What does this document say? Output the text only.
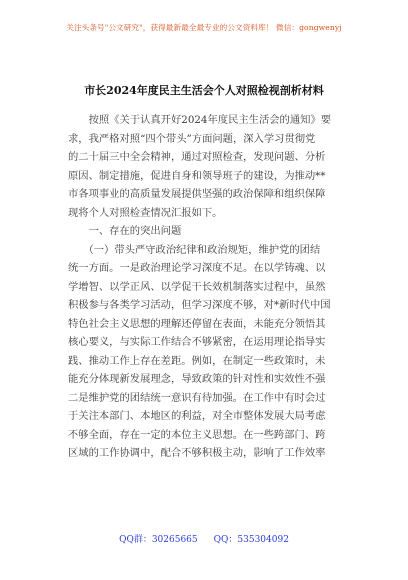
关注头条号"公文研究"，获得最新最全最专业的公文资料库！ 微信：gongwenyj
市长2024年度民主生活会个人对照检视剖析材料
　　按照《关于认真开好2024年度民主生活会的通知》要
求，我严格对照“四个带头”方面问题，深入学习贯彻党
的二十届三中全会精神，通过对照检查，发现问题、分析
原因、制定措施，促进自身和领导班子的建设，为推动**
市各项事业的高质量发展提供坚强的政治保障和组织保障
现将个人对照检查情况汇报如下。
　　一、存在的突出问题
　　（一）带头严守政治纪律和政治规矩，维护党的团结
统一方面。一是政治理论学习深度不足。在以学铸魂、以
学增智、以学正风、以学促干长效机制落实过程中，虽然
积极参与各类学习活动，但学习深度不够，对*新时代中国
特色社会主义思想的理解还停留在表面，未能充分领悟其
核心要义，与实际工作结合不够紧密，在运用理论指导实
践、推动工作上存在差距。例如，在制定一些政策时，未
能充分体现新发展理念，导致政策的针对性和实效性不强
二是维护党的团结统一意识有待加强。在工作中有时会过
于关注本部门、本地区的利益，对全市整体发展大局考虑
不够全面，存在一定的本位主义思想。在一些跨部门、跨
区域的工作协调中，配合不够积极主动，影响了工作效率
QQ群：30265665 QQ：535304092
